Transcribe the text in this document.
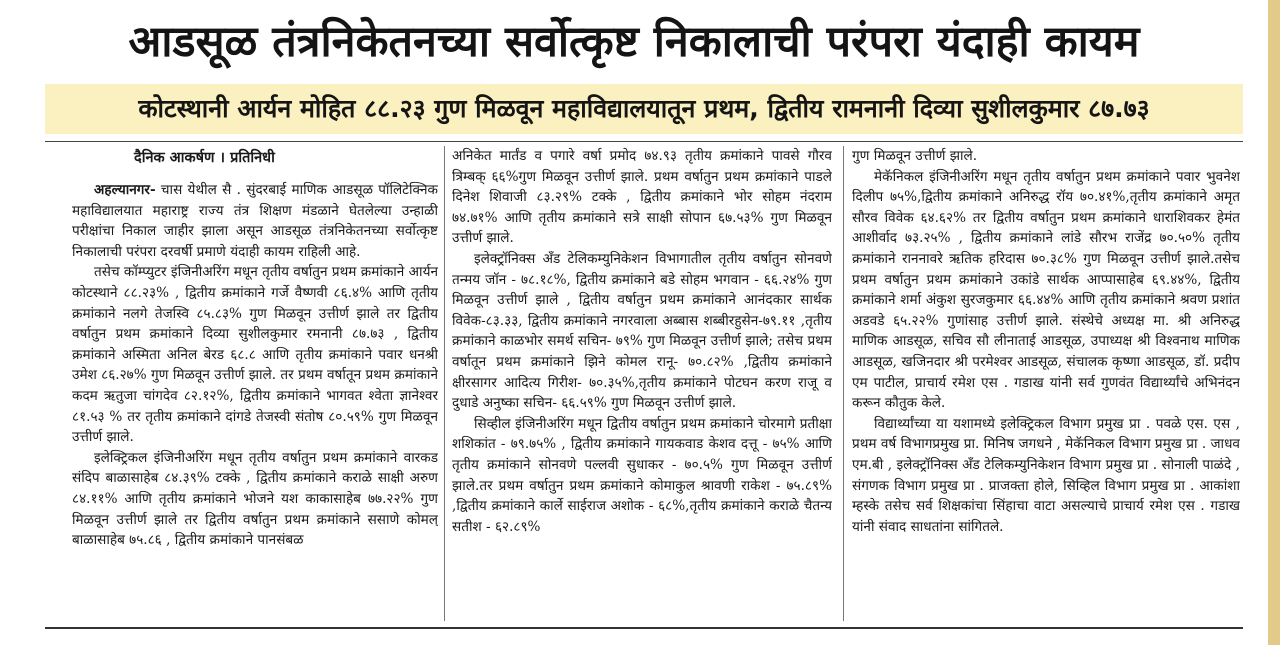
आडसूळ तंत्रनिकेतनच्या सर्वोत्कृष्ट निकालाची परंपरा यंदाही कायम
कोटस्थानी आर्यन मोहित ८८.२३ गुण मिळवून महाविद्यालयातून प्रथम, द्वितीय रामनानी दिव्या सुशीलकुमार ८७.७३
दैनिक आकर्षण । प्रतिनिधी

अहल्यानगर- चास येथील सै . सुंदरबाई माणिक आडसूळ पॉलिटेक्निक महाविद्यालयात महाराष्ट्र राज्य तंत्र शिक्षण मंडळाने घेतलेल्या उन्हाळी परीक्षांचा निकाल जाहीर झाला असून आडसूळ तंत्रनिकेतनच्या सर्वोत्कृष्ट निकालाची परंपरा दरवर्षी प्रमाणे यंदाही कायम राहिली आहे.

तसेच कॉम्प्युटर इंजिनीअरिंग मधून तृतीय वर्षातुन प्रथम क्रमांकाने आर्यन कोटस्थाने ८८.२३% , द्वितीय क्रमांकाने गर्जे वैष्णवी ८६.४% आणि तृतीय क्रमांकाने नलगे तेजस्वि ८५.८३% गुण मिळवून उत्तीर्ण झाले तर द्वितीय वर्षातुन प्रथम क्रमांकाने दिव्या सुशीलकुमार रमनानी ८७.७३ , द्वितीय क्रमांकाने अस्मिता अनिल बेरड ६८.८ आणि तृतीय क्रमांकाने पवार धनश्री उमेश ८६.२७% गुण मिळवून उत्तीर्ण झाले. तर प्रथम वर्षातून प्रथम क्रमांकाने कदम ऋतुजा चांगदेव ८२.१२%, द्वितीय क्रमांकाने भागवत श्वेता ज्ञानेश्वर ८१.५३ % तर तृतीय क्रमांकाने दांगडे तेजस्वी संतोष ८०.५९% गुण मिळवून उत्तीर्ण झाले.

इलेक्ट्रिकल इंजिनीअरिंग मधून तृतीय वर्षातुन प्रथम क्रमांकाने वारकड संदिप बाळासाहेब ८४.३९% टक्के , द्वितीय क्रमांकाने कराळे साक्षी अरुण ८४.११% आणि तृतीय क्रमांकाने भोजने यश काकासाहेब ७७.२२% गुण मिळवून उत्तीर्ण झाले तर द्वितीय वर्षातुन प्रथम क्रमांकाने ससाणे कोमल् बाळासाहेब ७५.८६ , द्वितीय क्रमांकाने पानसंबळ

अनिकेत मार्तंड व पगारे वर्षा प्रमोद ७४.९३ तृतीय क्रमांकाने पावसे गौरव त्रिम्बक् ६६%गुण मिळवून उत्तीर्ण झाले. प्रथम वर्षातुन प्रथम क्रमांकाने पाडले दिनेश शिवाजी ८३.२९% टक्के , द्वितीय क्रमांकाने भोर सोहम नंदराम ७४.७१% आणि तृतीय क्रमांकाने सत्रे साक्षी सोपान ६७.५३% गुण मिळवून उत्तीर्ण झाले.

इलेक्ट्रॉनिक्स अँड टेलिकम्युनिकेशन विभागातील तृतीय वर्षातुन सोनवणे तन्मय जॉन - ७८.१८%, द्वितीय क्रमांकाने बडे सोहम भगवान - ६६.२४% गुण मिळवून उत्तीर्ण झाले , द्वितीय वर्षातुन प्रथम क्रमांकाने आनंदकार सार्थक विवेक-८३.३३, द्वितीय क्रमांकाने नगरवाला अब्बास शब्बीरहुसेन-७९.११ ,तृतीय क्रमांकाने काळभोर समर्थ सचिन- ७९% गुण मिळवून उत्तीर्ण झाले; तसेच प्रथम वर्षातून प्रथम क्रमांकाने झिने कोमल रानू- ७०.८२% ,द्वितीय क्रमांकाने क्षीरसागर आदित्य गिरीश- ७०.३५%,तृतीय क्रमांकाने पोटघन करण राजू व दुधाडे अनुष्का सचिन- ६६.५९% गुण मिळवून उत्तीर्ण झाले.

सिव्हील इंजिनीअरिंग मधून द्वितीय वर्षातुन प्रथम क्रमांकाने चोरमागे प्रतीक्षा शशिकांत - ७९.७५% , द्वितीय क्रमांकाने गायकवाड केशव दत्तू - ७५% आणि तृतीय क्रमांकाने सोनवणे पल्लवी सुधाकर - ७०.५% गुण मिळवून उत्तीर्ण झाले.तर प्रथम वर्षातुन प्रथम क्रमांकाने कोमाकुल श्रावणी राकेश - ७५.८९% ,द्वितीय क्रमांकाने कार्ले साईराज अशोक - ६८%,तृतीय क्रमांकाने कराळे चैतन्य सतीश - ६२.८९%

गुण मिळवून उत्तीर्ण झाले.

मेकॅनिकल इंजिनीअरिंग मधून तृतीय वर्षातुन प्रथम क्रमांकाने पवार भुवनेश दिलीप ७५%,द्वितीय क्रमांकाने अनिरुद्ध रॉय ७०.४१%,तृतीय क्रमांकाने अमृत सौरव विवेक ६४.६२% तर द्वितीय वर्षातुन प्रथम क्रमांकाने धाराशिवकर हेमंत आशीर्वाद ७३.२५% , द्वितीय क्रमांकाने लांडे सौरभ राजेंद्र ७०.५०% तृतीय क्रमांकाने राननावरे ऋतिक हरिदास ७०.३८% गुण मिळवून उत्तीर्ण झाले.तसेच प्रथम वर्षातुन प्रथम क्रमांकाने उकांडे सार्थक आप्पासाहेब ६९.४४%, द्वितीय क्रमांकाने शर्मा अंकुश सुरजकुमार ६६.४४% आणि तृतीय क्रमांकाने श्रवण प्रशांत अडवडे ६५.२२% गुणांसाह उत्तीर्ण झाले. संस्थेचे अध्यक्ष मा. श्री अनिरुद्ध माणिक आडसूळ, सचिव सौ लीनाताई आडसूळ, उपाध्यक्ष श्री विश्वनाथ माणिक आडसूळ, खजिनदार श्री परमेश्वर आडसूळ, संचालक कृष्णा आडसूळ, डॉ. प्रदीप एम पाटील, प्राचार्य रमेश एस . गडाख यांनी सर्व गुणवंत विद्यार्थ्यांचे अभिनंदन करून कौतुक केले.

विद्यार्थ्यांच्या या यशामध्ये इलेक्ट्रिकल विभाग प्रमुख प्रा . पवळे एस. एस , प्रथम वर्ष विभागप्रमुख प्रा. मिनिष जगधने , मेकॅनिकल विभाग प्रमुख प्रा . जाधव एम.बी , इलेक्ट्रॉनिक्स अँड टेलिकम्युनिकेशन विभाग प्रमुख प्रा . सोनाली पाळंदे , संगणक विभाग प्रमुख प्रा . प्राजक्ता होले, सिव्हिल विभाग प्रमुख प्रा . आकांशा म्हस्के तसेच सर्व शिक्षकांचा सिंहाचा वाटा असल्याचे प्राचार्य रमेश एस . गडाख यांनी संवाद साधतांना सांगितले.
